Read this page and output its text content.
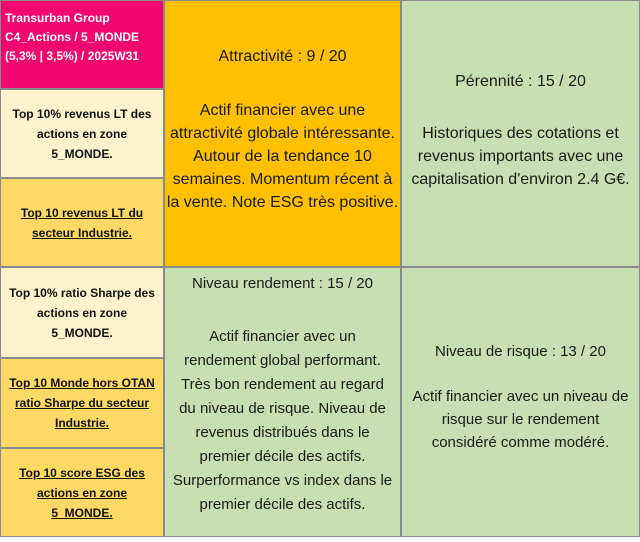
Transurban Group
C4_Actions / 5_MONDE
(5,3% | 3,5%) / 2025W31
Top 10% revenus LT des
actions en zone 5_MONDE.
Top 10 revenus LT du
secteur Industrie.
Top 10% ratio Sharpe des
actions en zone 5_MONDE.
Top 10 Monde hors OTAN
ratio Sharpe du secteur
Industrie.
Top 10 score ESG des
actions en zone 5_MONDE.
Attractivité : 9 / 20
Actif financier avec une
attractivité globale intéressante.
Autour de la tendance 10
semaines. Momentum récent à
la vente. Note ESG très positive.
Pérennité : 15 / 20
Historiques des cotations et
revenus importants avec une
capitalisation d'environ 2.4 G€.
Niveau rendement : 15 / 20
Actif financier avec un
rendement global performant.
Très bon rendement au regard
du niveau de risque. Niveau de
revenus distribués dans le
premier décile des actifs.
Surperformance vs index dans le
premier décile des actifs.
Niveau de risque : 13 / 20
Actif financier avec un niveau de
risque sur le rendement
considéré comme modéré.
